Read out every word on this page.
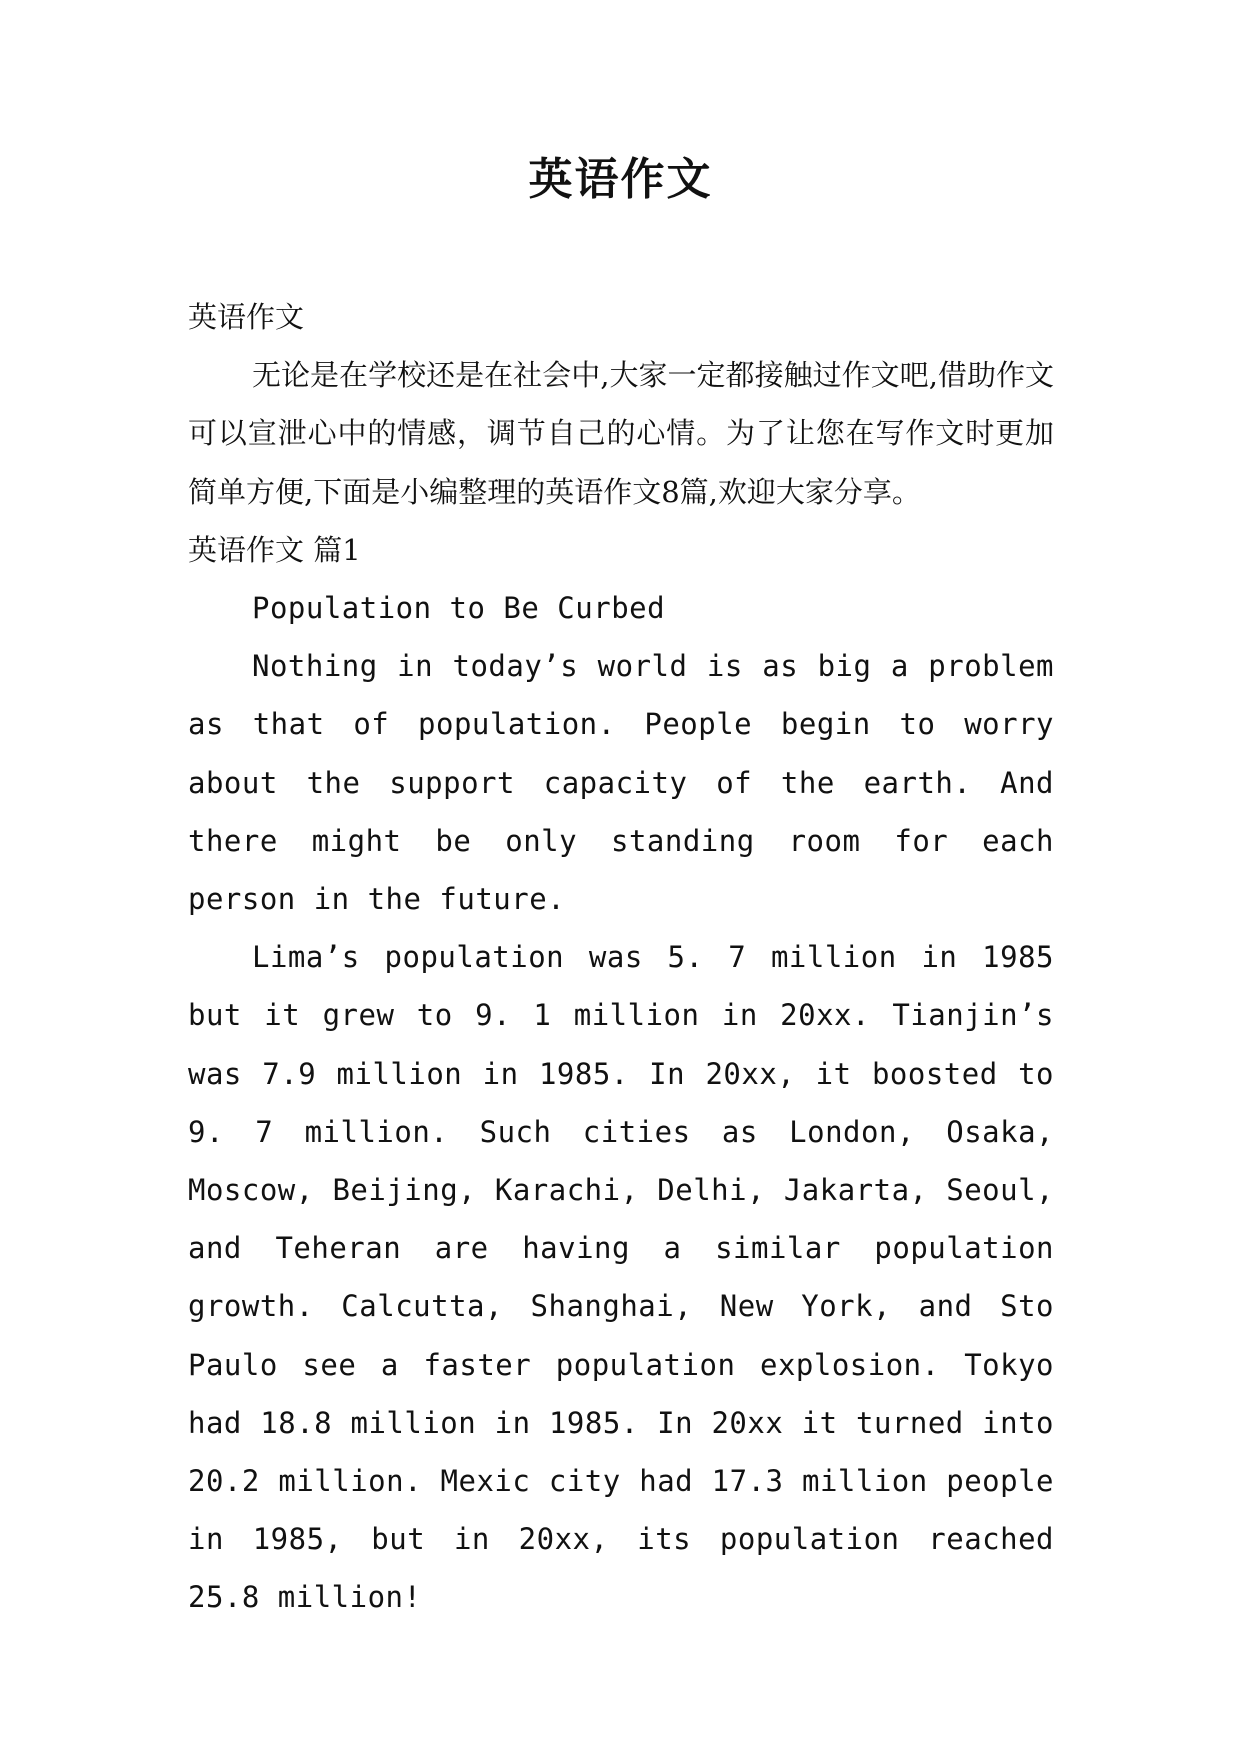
英语作文

英语作文

无论是在学校还是在社会中,大家一定都接触过作文吧,借助作文可以宣泄心中的情感，调节自己的心情。为了让您在写作文时更加简单方便,下面是小编整理的英语作文8篇,欢迎大家分享。

英语作文 篇1

Population to Be Curbed

Nothing in today’s world is as big a problem as that of population. People begin to worry about the support capacity of the earth. And there might be only standing room for each person in the future.

Lima’s population was 5. 7 million in 1985 but it grew to 9. 1 million in 20xx. Tianjin’s was 7.9 million in 1985. In 20xx, it boosted to 9. 7 million. Such cities as London, Osaka, Moscow, Beijing, Karachi, Delhi, Jakarta, Seoul, and Teheran are having a similar population growth. Calcutta, Shanghai, New York, and Sto Paulo see a faster population explosion. Tokyo had 18.8 million in 1985. In 20xx it turned into 20.2 million. Mexic city had 17.3 million people in 1985, but in 20xx, its population reached 25.8 million!
